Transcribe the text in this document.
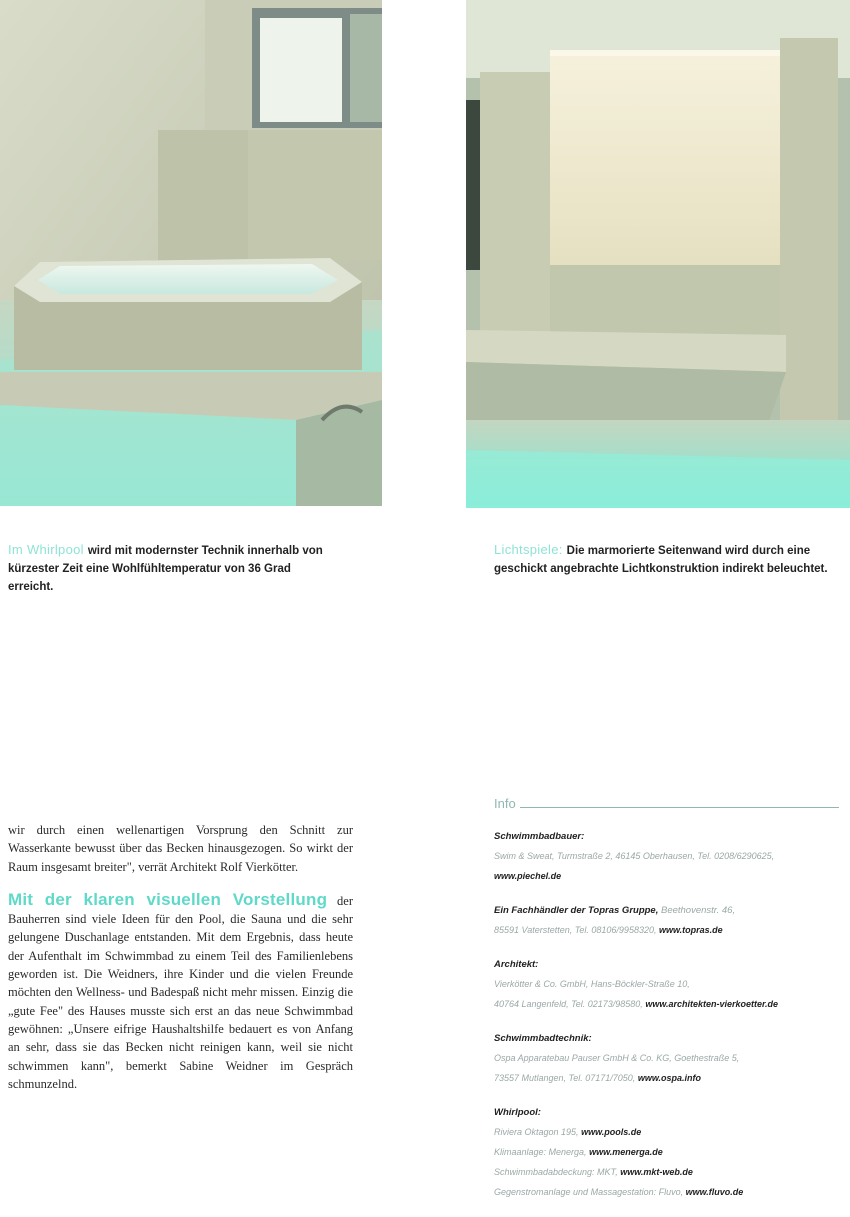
Im Whirlpool wird mit modernster Technik innerhalb von kürzester Zeit eine Wohlfühltemperatur von 36 Grad erreicht.
Lichtspiele: Die marmorierte Seitenwand wird durch eine geschickt angebrachte Lichtkonstruktion indirekt beleuchtet.

wir durch einen wellenartigen Vorsprung den Schnitt zur Wasserkante bewusst über das Becken hinausgezogen. So wirkt der Raum insgesamt breiter", verrät Architekt Rolf Vierkötter.

Mit der klaren visuellen Vorstellung der Bauherren sind viele Ideen für den Pool, die Sauna und die sehr gelungene Duschanlage entstanden. Mit dem Ergebnis, dass heute der Aufenthalt im Schwimmbad zu einem Teil des Familienlebens geworden ist. Die Weidners, ihre Kinder und die vielen Freunde möchten den Wellness- und Badespaß nicht mehr missen. Einzig die „gute Fee" des Hauses musste sich erst an das neue Schwimmbad gewöhnen: „Unsere eifrige Haushaltshilfe bedauert es von Anfang an sehr, dass sie das Becken nicht reinigen kann, weil sie nicht schwimmen kann", bemerkt Sabine Weidner im Gespräch schmunzelnd.

Info
Schwimmbadbauer:
Swim & Sweat, Turmstraße 2, 46145 Oberhausen, Tel. 0208/6290625,
www.piechel.de
Ein Fachhändler der Topras Gruppe, Beethovenstr. 46,
85591 Vaterstetten, Tel. 08106/9958320, www.topras.de
Architekt:
Vierkötter & Co. GmbH, Hans-Böckler-Straße 10,
40764 Langenfeld, Tel. 02173/98580, www.architekten-vierkoetter.de
Schwimmbadtechnik:
Ospa Apparatebau Pauser GmbH & Co. KG, Goethestraße 5,
73557 Mutlangen, Tel. 07171/7050, www.ospa.info
Whirlpool:
Riviera Oktagon 195, www.pools.de
Klimaanlage: Menerga, www.menerga.de
Schwimmbadabdeckung: MKT, www.mkt-web.de
Gegenstromanlage und Massagestation: Fluvo, www.fluvo.de
